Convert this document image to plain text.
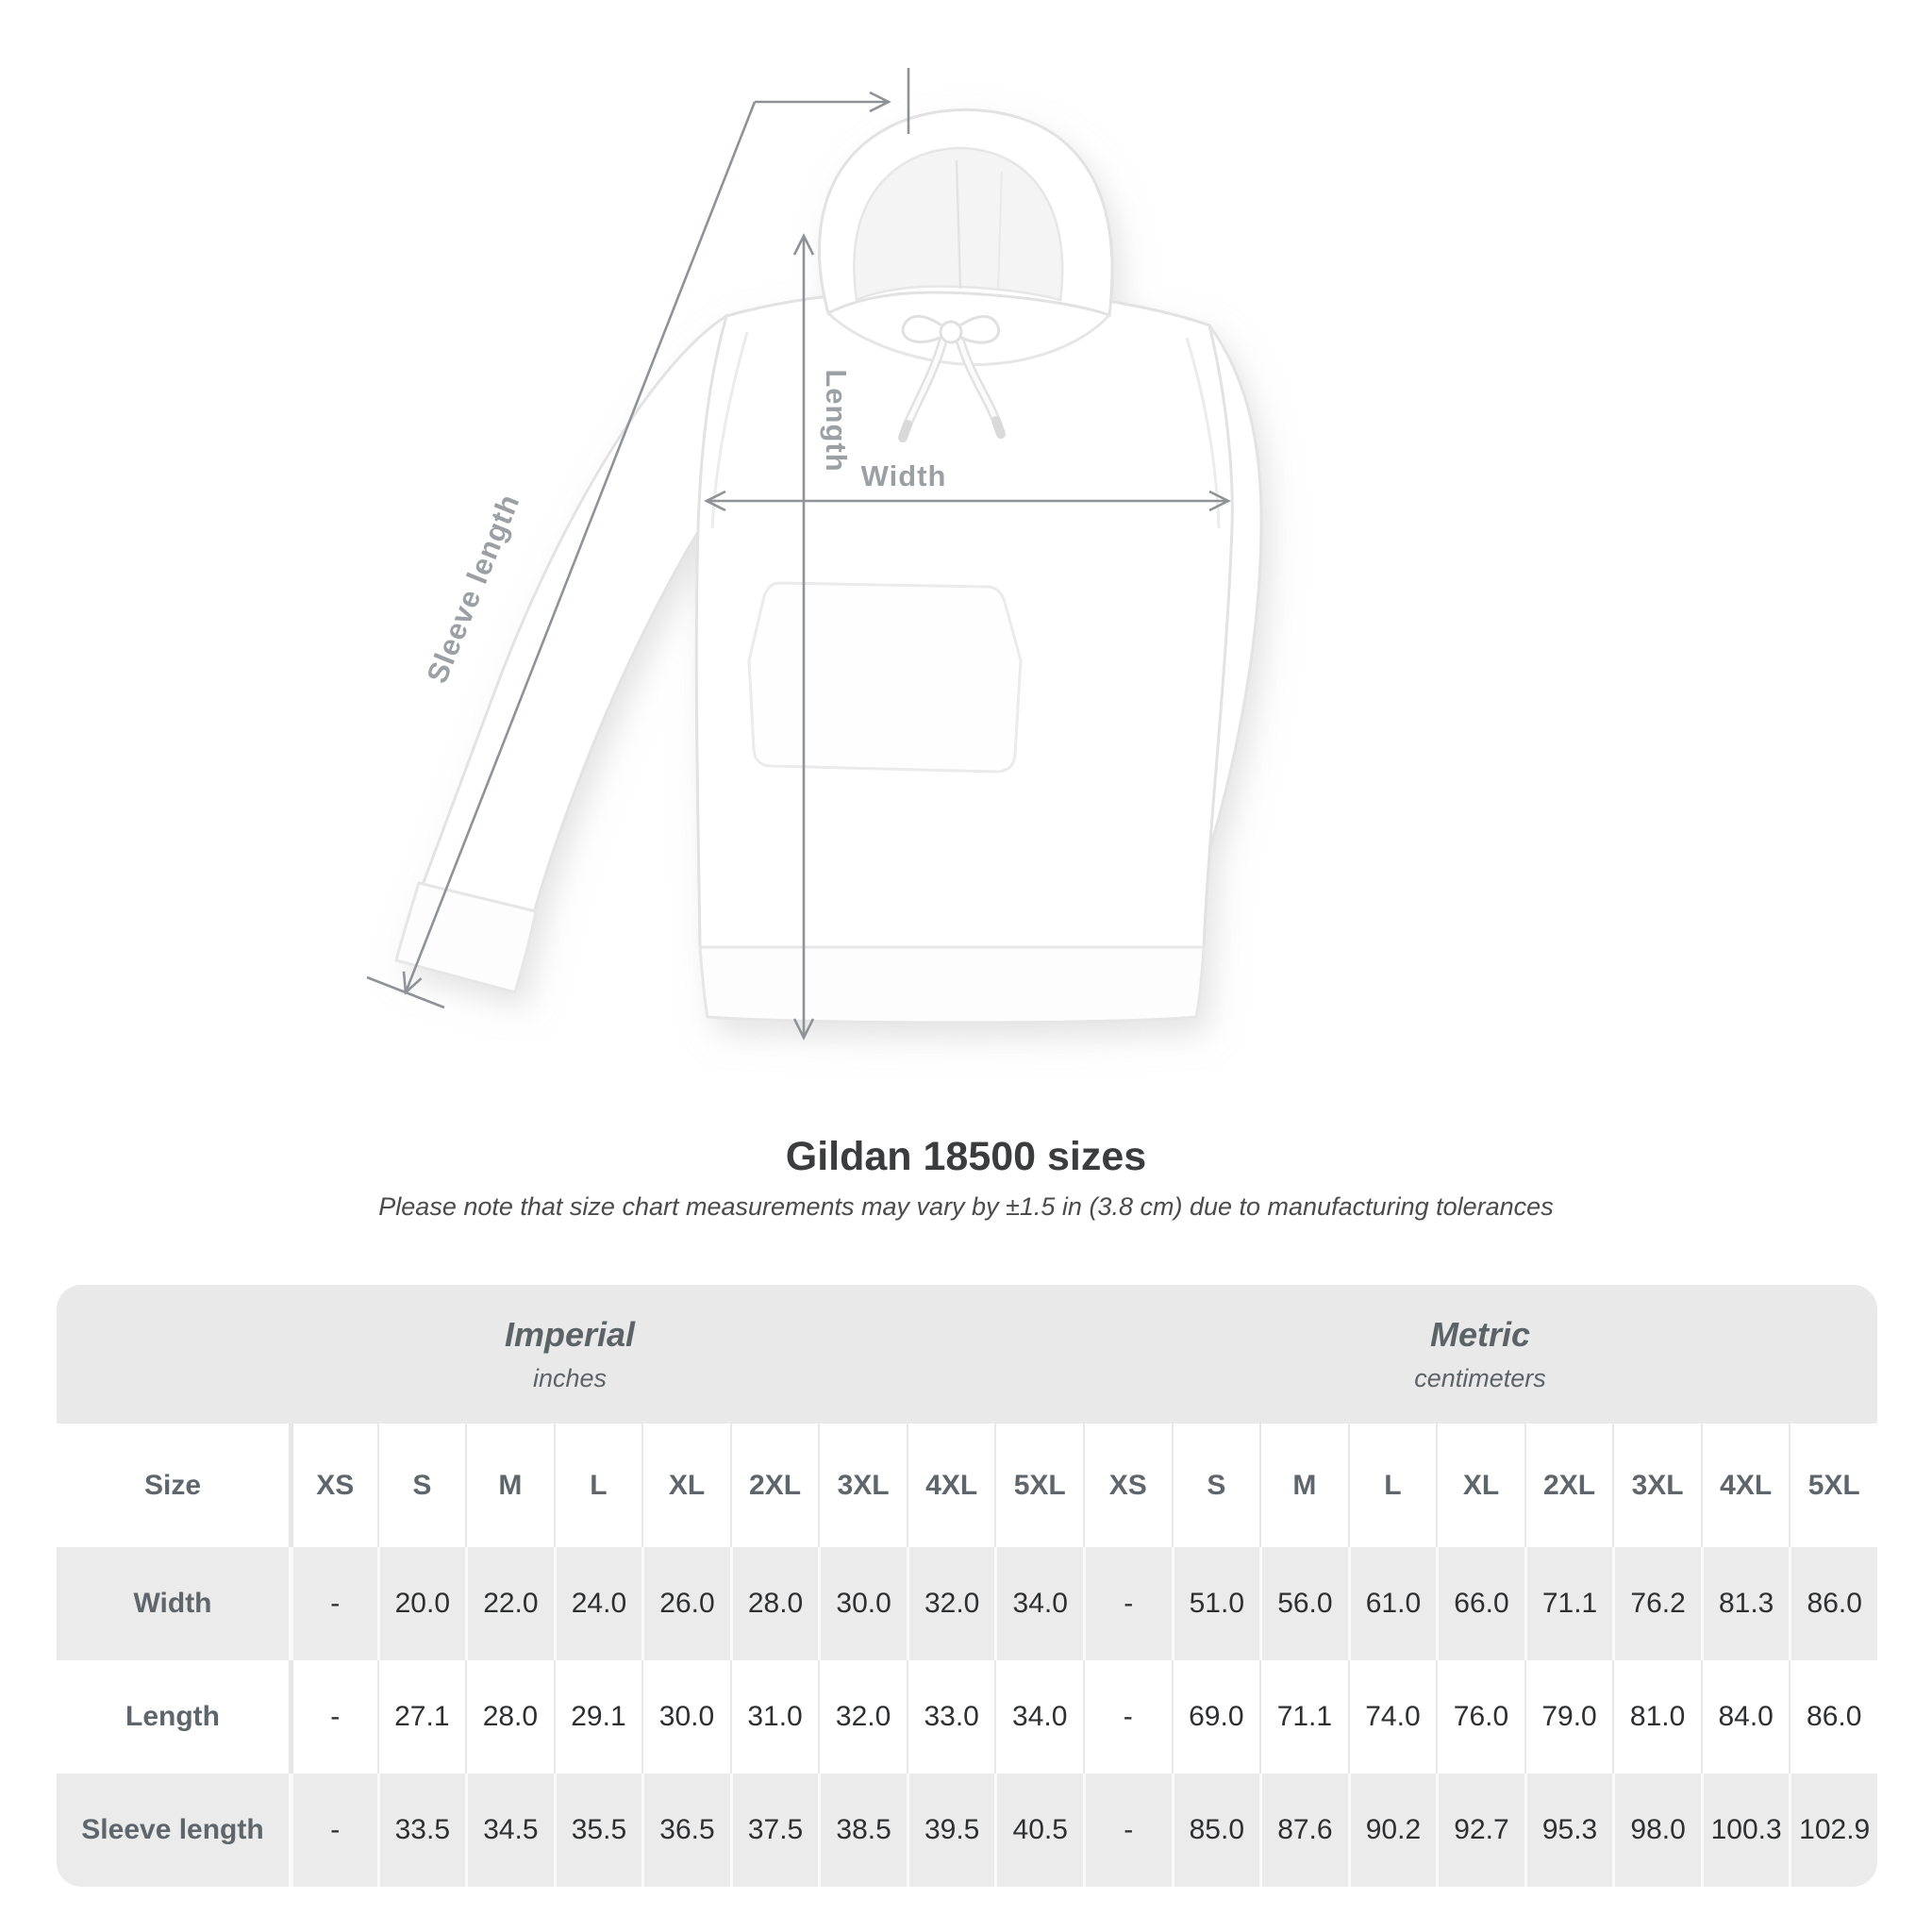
Length
Width
Sleeve length
Gildan 18500 sizes
Please note that size chart measurements may vary by ±1.5 in (3.8 cm) due to manufacturing tolerances
Imperial
inches
Metric
centimeters
Size	XS	S	M	L	XL	2XL	3XL	4XL	5XL	XS	S	M	L	XL	2XL	3XL	4XL	5XL
Width	-	20.0	22.0	24.0	26.0	28.0	30.0	32.0	34.0	-	51.0	56.0	61.0	66.0	71.1	76.2	81.3	86.0
Length	-	27.1	28.0	29.1	30.0	31.0	32.0	33.0	34.0	-	69.0	71.1	74.0	76.0	79.0	81.0	84.0	86.0
Sleeve length	-	33.5	34.5	35.5	36.5	37.5	38.5	39.5	40.5	-	85.0	87.6	90.2	92.7	95.3	98.0 100.3 102.9
